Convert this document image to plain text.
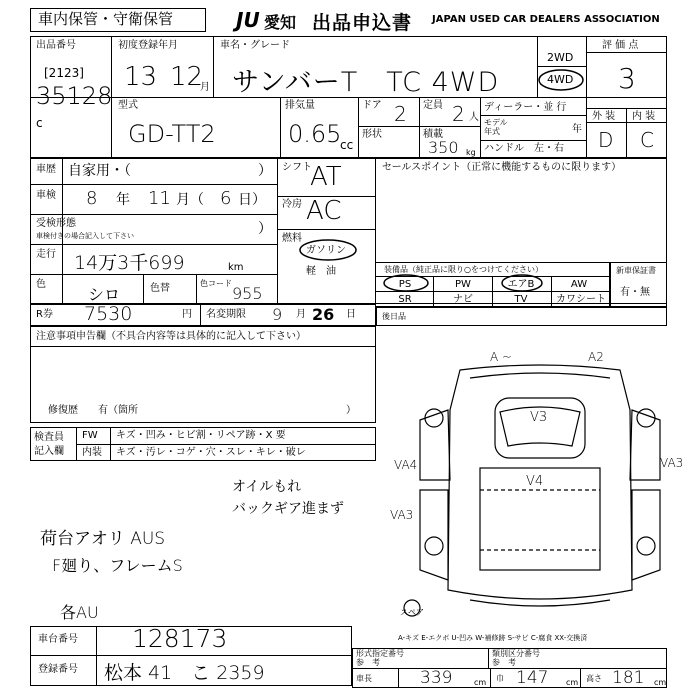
車内保管・守衛保管	JU 愛知 出品申込書 JAPAN USED CAR DEALERS ASSOCIATION
出品番号
[2123]
35128
c
初度登録年月
13 12
月
車名・グレード
サンバーT　TC 4WD
2WD
4WD
評 価 点
3
型式
GD-TT2
排気量
0.65
cc
ドア 2 定員 2 人
形状	積載
350 kg
ディーラー・並 行
モデル
年式	年
ハンドル　左・右
外 装 内 装
D C
車歴 自家用・（	）
車検 8 年 11 月（ 6 日）
受検形態
車検付きの場合記入して下さい	）
走行 14万3千699	km
色
シロ	色替	色コード
955
シフト
AT
冷房 AC
燃料
ガソリン
軽　油
セールスポイント（正常に機能するものに限ります）
装備品（純正品に限り○をつけてください）
PS	PW	エアB	AW
SR	ナビ	TV	カワシート
新車保証書
有・無
R券 7530	円 名変期限 9 月 26 日	後日品
注意事項申告欄（不具合内容等は具体的に記入して下さい）
修復歴　　有（箇所	）
検査員
記入欄
FW キズ・凹み・ヒビ割・リペア跡・X 要
内装 キズ・汚レ・コゲ・穴・スレ・キレ・破レ
オイルもれ
バックギア進まず
荷台アオリ AUS
F廻り、フレームS
各AU
A ~	A2
V3
V4
VA4
VA3
VA3
スペア
A-キズ E-エクボ U-凹み W-補修跡 S-サビ C-腐食 XX-交換済
車台番号 128173
登録番号 松本 41　こ 2359
形式指定番号
参　考
類別区分番号
参　考
車長	339	cm 巾 147 cm 高さ 181 cm
